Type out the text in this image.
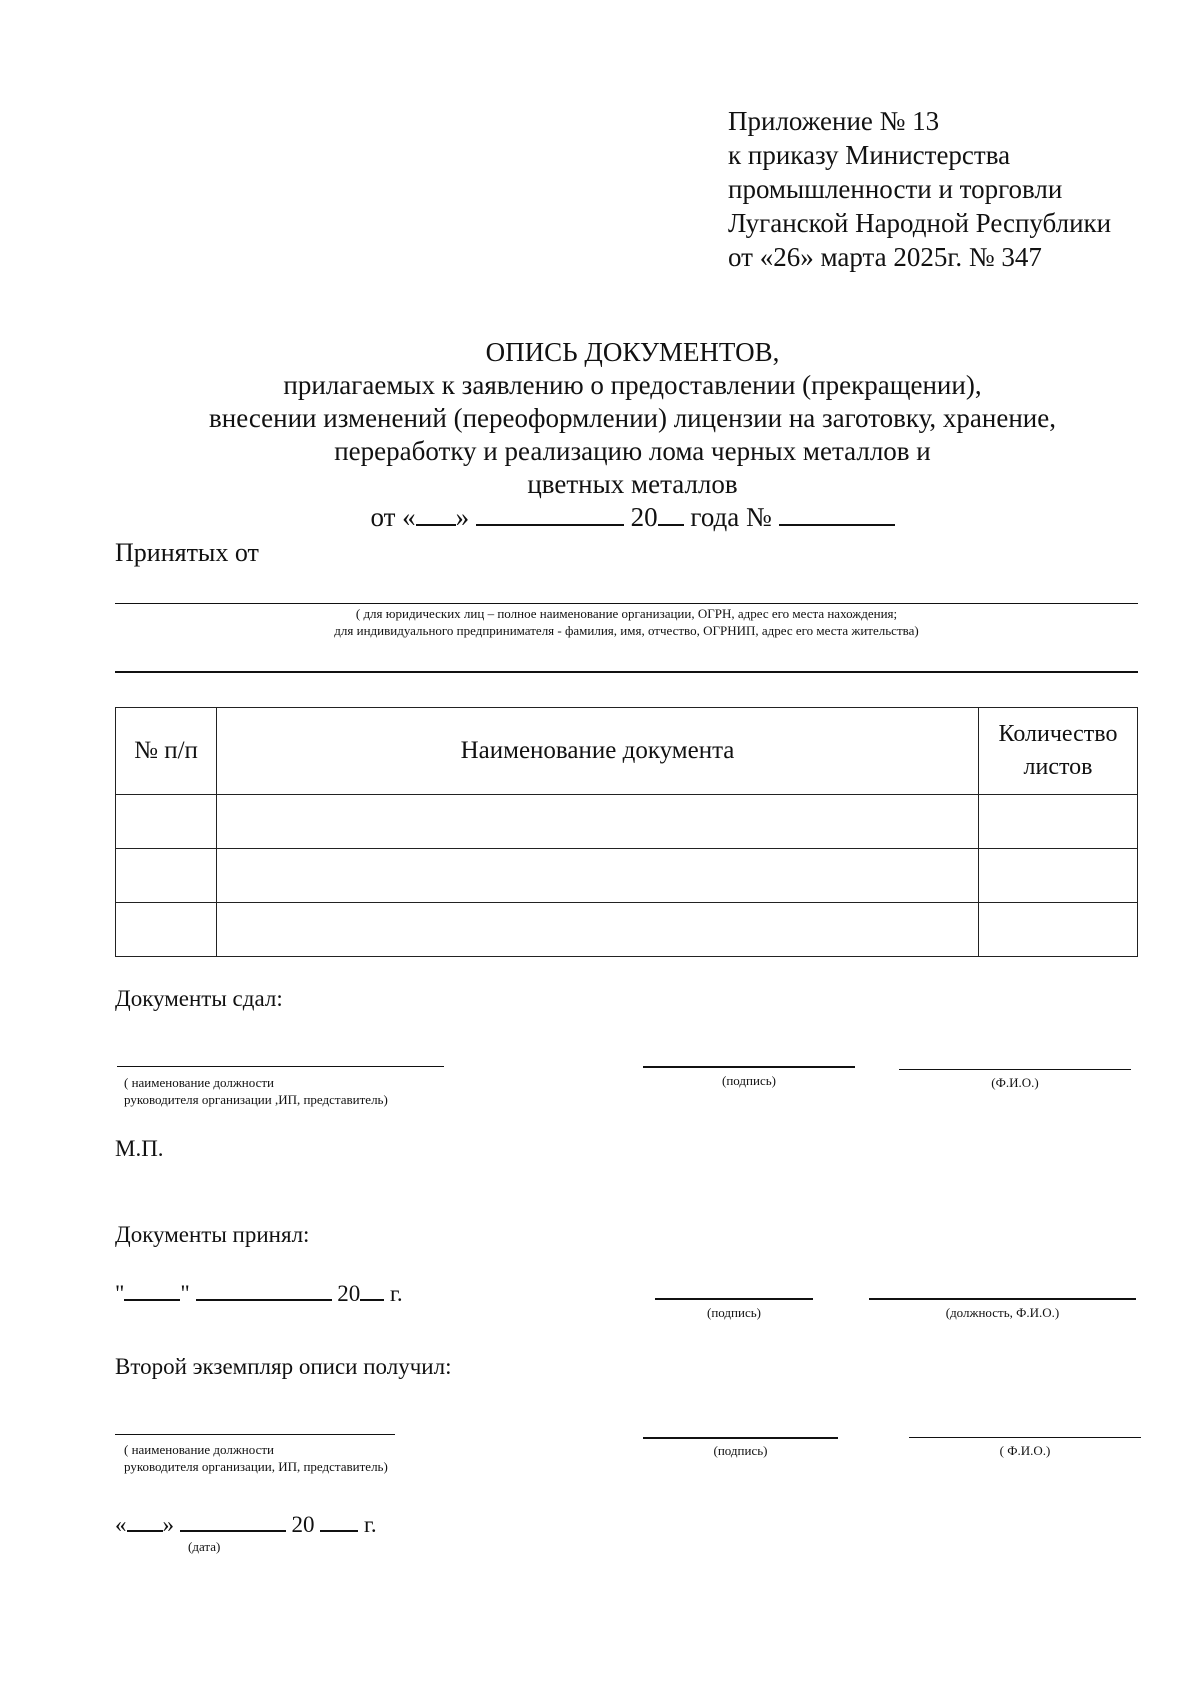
Приложение № 13
к приказу Министерства
промышленности и торговли
Луганской Народной Республики
от «26» марта 2025г. № 347
ОПИСЬ ДОКУМЕНТОВ,
прилагаемых к заявлению о предоставлении (прекращении),
внесении изменений (переоформлении) лицензии на заготовку, хранение,
переработку и реализацию лома черных металлов и
цветных металлов
от « »	20 года №
Принятых от
( для юридических лиц – полное наименование организации, ОГРН, адрес его места нахождения;
для индивидуального предпринимателя - фамилия, имя, отчество, ОГРНИП, адрес его места жительства)
№ п/п	Наименование документа	Количество
листов

Документы сдал:
( наименование должности
руководителя организации ,ИП, представитель)
(подпись)	(Ф.И.О.)
М.П.
Документы принял:
" "	20 г.
(подпись)	(должность, Ф.И.О.)
Второй экземпляр описи получил:
( наименование должности
руководителя организации, ИП, представитель)
(подпись)	( Ф.И.О.)
« »	20 г.
(дата)
